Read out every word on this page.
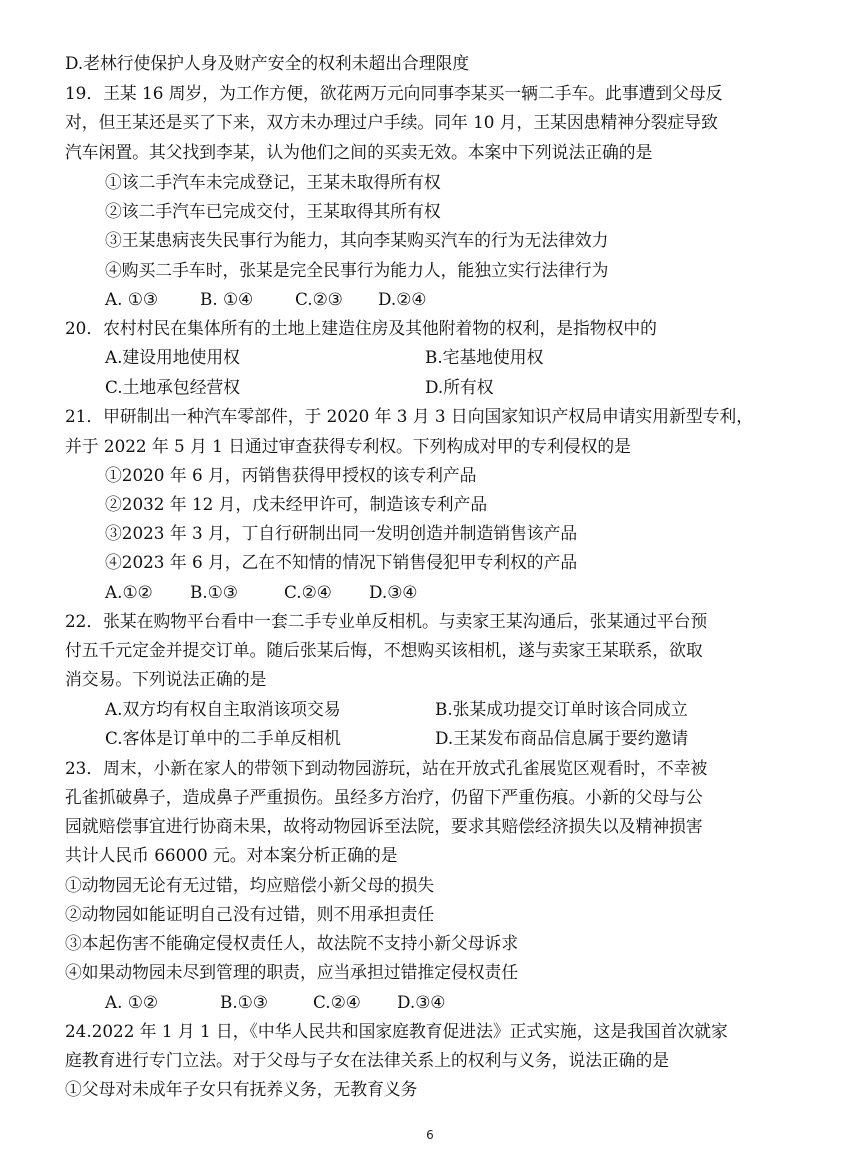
D.老林行使保护人身及财产安全的权利未超出合理限度
19．王某 16 周岁，为工作方便，欲花两万元向同事李某买一辆二手车。此事遭到父母反
对，但王某还是买了下来，双方未办理过户手续。同年 10 月，王某因患精神分裂症导致
汽车闲置。其父找到李某，认为他们之间的买卖无效。本案中下列说法正确的是
①该二手汽车未完成登记，王某未取得所有权
②该二手汽车已完成交付，王某取得其所有权
③王某患病丧失民事行为能力，其向李某购买汽车的行为无法律效力
④购买二手车时，张某是完全民事行为能力人，能独立实行法律行为
A. ①③	B. ①④ C.②③ D.②④
20．农村村民在集体所有的土地上建造住房及其他附着物的权利，是指物权中的
A.建设用地使用权	B.宅基地使用权
C.土地承包经营权	D.所有权
21．甲研制出一种汽车零部件，于 2020 年 3 月 3 日向国家知识产权局申请实用新型专利，
并于 2022 年 5 月 1 日通过审查获得专利权。下列构成对甲的专利侵权的是
①2020 年 6 月，丙销售获得甲授权的该专利产品
②2032 年 12 月，戊未经甲许可，制造该专利产品
③2023 年 3 月，丁自行研制出同一发明创造并制造销售该产品
④2023 年 6 月，乙在不知情的情况下销售侵犯甲专利权的产品
A.①② B.①③	C.②④ D.③④
22．张某在购物平台看中一套二手专业单反相机。与卖家王某沟通后，张某通过平台预
付五千元定金并提交订单。随后张某后悔，不想购买该相机，遂与卖家王某联系，欲取
消交易。下列说法正确的是
A.双方均有权自主取消该项交易	B.张某成功提交订单时该合同成立
C.客体是订单中的二手单反相机	D.王某发布商品信息属于要约邀请
23．周末，小新在家人的带领下到动物园游玩，站在开放式孔雀展览区观看时，不幸被
孔雀抓破鼻子，造成鼻子严重损伤。虽经多方治疗，仍留下严重伤痕。小新的父母与公
园就赔偿事宜进行协商未果，故将动物园诉至法院，要求其赔偿经济损失以及精神损害
共计人民币 66000 元。对本案分析正确的是
①动物园无论有无过错，均应赔偿小新父母的损失
②动物园如能证明自己没有过错，则不用承担责任
③本起伤害不能确定侵权责任人，故法院不支持小新父母诉求
④如果动物园未尽到管理的职责，应当承担过错推定侵权责任
A. ①②	B.①③	C.②④ D.③④
24.2022 年 1 月 1 日，《中华人民共和国家庭教育促进法》正式实施，这是我国首次就家
庭教育进行专门立法。对于父母与子女在法律关系上的权利与义务，说法正确的是
①父母对未成年子女只有抚养义务，无教育义务
6
